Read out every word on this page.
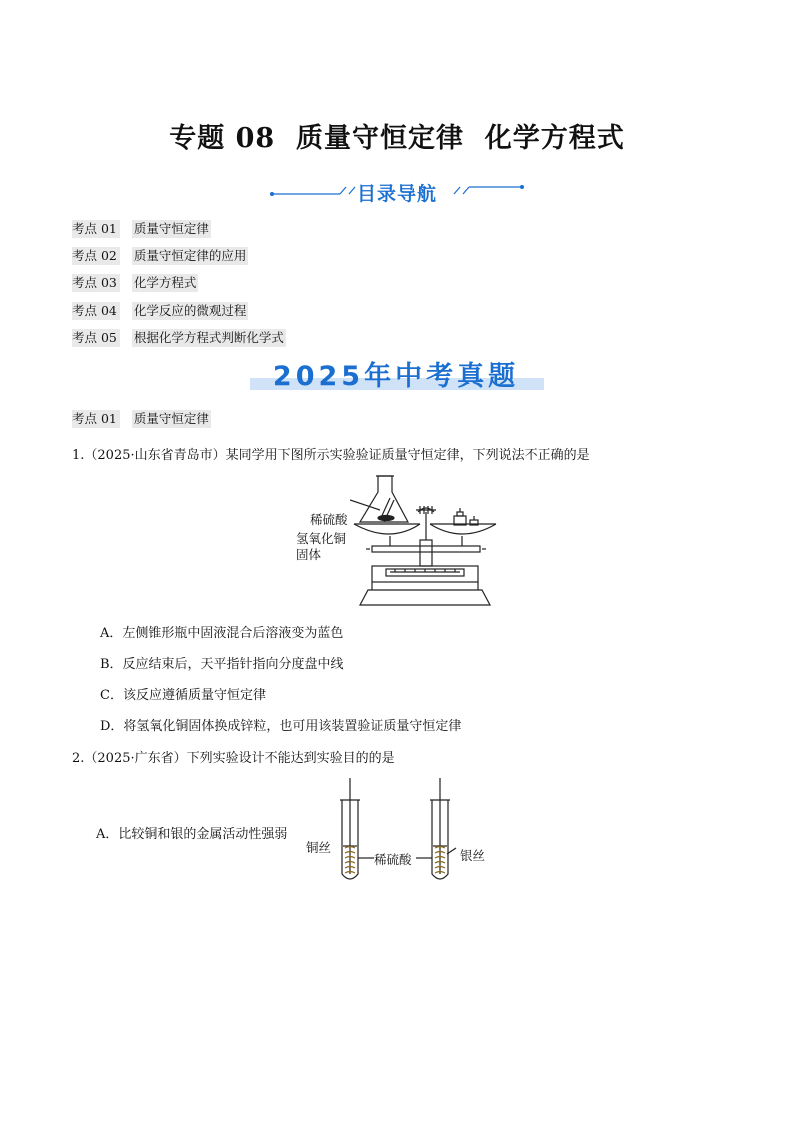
专题 08  质量守恒定律  化学方程式
目录导航
考点 01 质量守恒定律
考点 02 质量守恒定律的应用
考点 03 化学方程式
考点 04 化学反应的微观过程
考点 05 根据化学方程式判断化学式
2025年中考真题
考点 01 质量守恒定律
1.（2025·山东省青岛市）某同学用下图所示实验验证质量守恒定律，下列说法不正确的是
稀硫酸
氢氧化铜
固体
A．左侧锥形瓶中固液混合后溶液变为蓝色
B．反应结束后，天平指针指向分度盘中线
C．该反应遵循质量守恒定律
D．将氢氧化铜固体换成锌粒，也可用该装置验证质量守恒定律
2.（2025·广东省）下列实验设计不能达到实验目的的是
A．比较铜和银的金属活动性强弱
铜丝
稀硫酸	银丝
